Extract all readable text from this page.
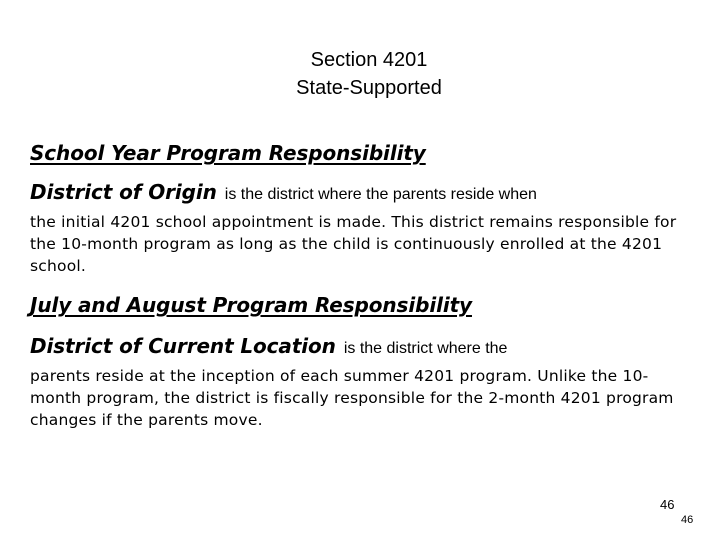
Section 4201
State-Supported
School Year Program Responsibility
District of Origin is the district where the parents reside when
the initial 4201 school appointment is made. This district remains responsible for the 10-month program as long as the child is continuously enrolled at the 4201 school.
July and August Program Responsibility
District of Current Location is the district where the
parents reside at the inception of each summer 4201 program. Unlike the 10-month program, the district is fiscally responsible for the 2-month 4201 program changes if the parents move.
46
46
